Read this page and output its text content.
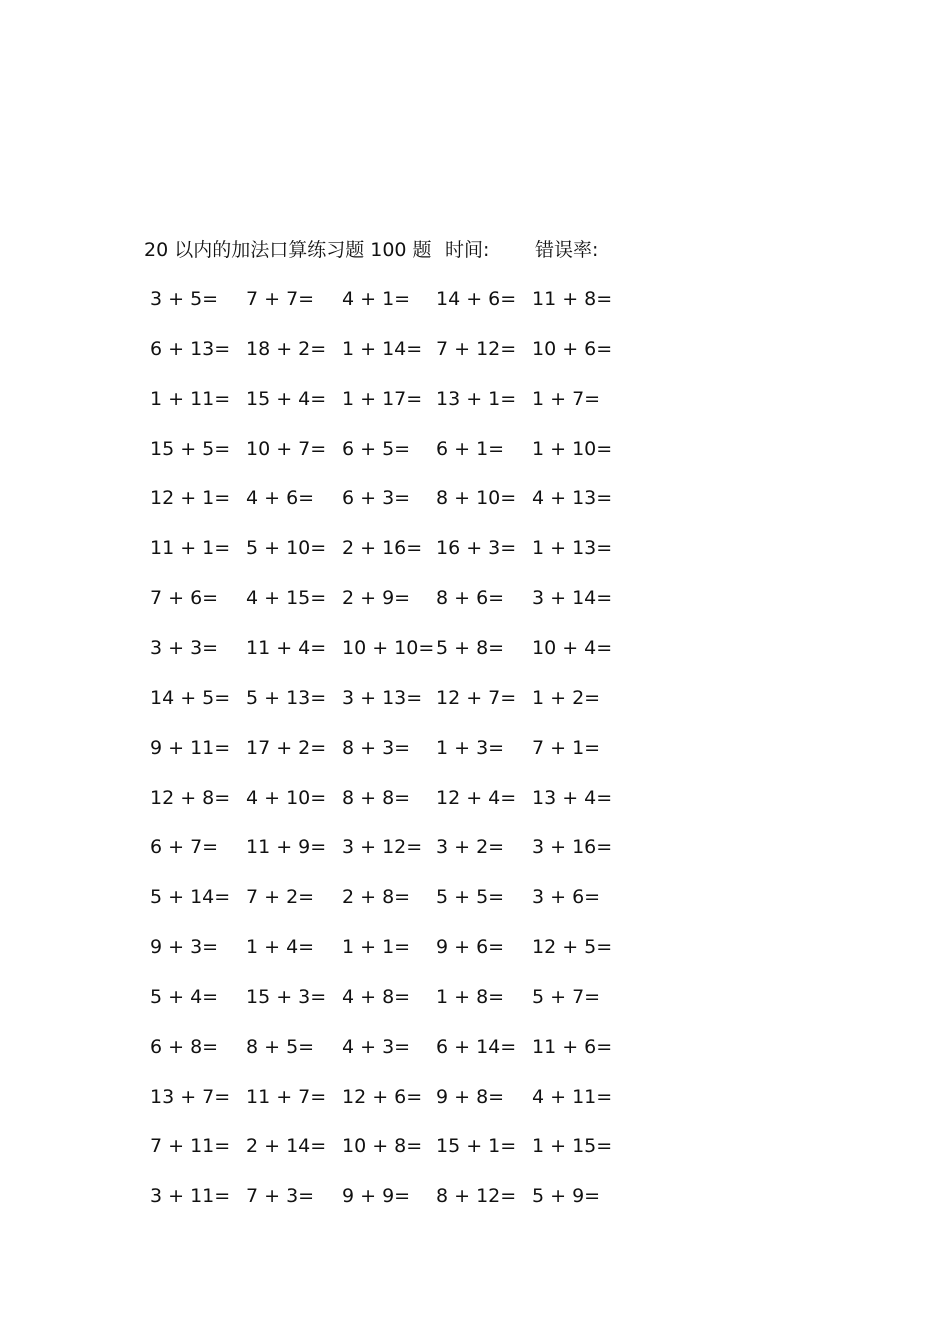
20 以内的加法口算练习题 100 题 时间: 错误率:
3 + 5=	7 + 7=	4 + 1=	14 + 6= 11 + 8=
6 + 13= 18 + 2= 1 + 14= 7 + 12= 10 + 6=
1 + 11= 15 + 4= 1 + 17= 13 + 1= 1 + 7=
15 + 5= 10 + 7= 6 + 5=	6 + 1=	1 + 10=
12 + 1= 4 + 6=	6 + 3=	8 + 10= 4 + 13=
11 + 1= 5 + 10= 2 + 16= 16 + 3= 1 + 13=
7 + 6=	4 + 15= 2 + 9=	8 + 6=	3 + 14=
3 + 3=	11 + 4= 10 + 10= 5 + 8=	10 + 4=
14 + 5= 5 + 13= 3 + 13= 12 + 7= 1 + 2=
9 + 11= 17 + 2= 8 + 3=	1 + 3=	7 + 1=
12 + 8= 4 + 10= 8 + 8=	12 + 4= 13 + 4=
6 + 7=	11 + 9= 3 + 12= 3 + 2=	3 + 16=
5 + 14= 7 + 2=	2 + 8=	5 + 5=	3 + 6=
9 + 3=	1 + 4=	1 + 1=	9 + 6=	12 + 5=
5 + 4=	15 + 3= 4 + 8=	1 + 8=	5 + 7=
6 + 8=	8 + 5=	4 + 3=	6 + 14= 11 + 6=
13 + 7= 11 + 7= 12 + 6= 9 + 8=	4 + 11=
7 + 11= 2 + 14= 10 + 8= 15 + 1= 1 + 15=
3 + 11= 7 + 3=	9 + 9=	8 + 12= 5 + 9=
